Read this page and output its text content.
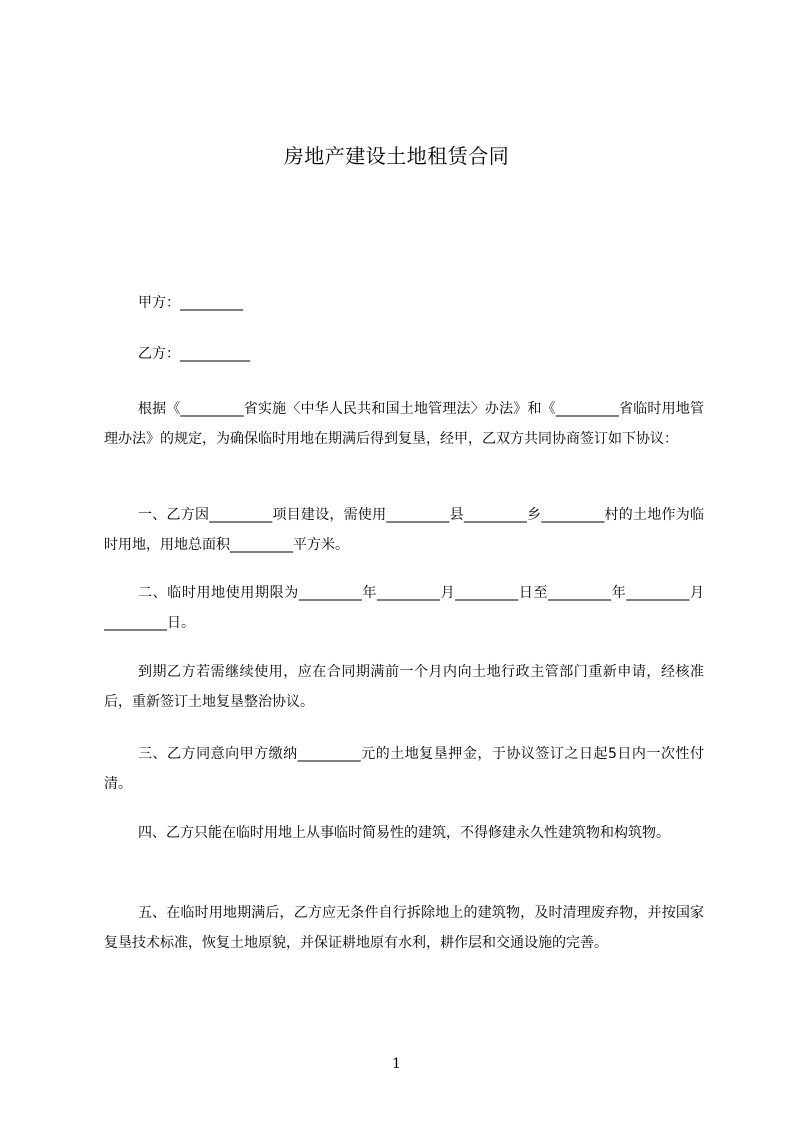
房地产建设土地租赁合同
甲方：_________
乙方：__________
根据《_________省实施〈中华人民共和国土地管理法〉办法》和《_________省临时用地管理办法》的规定，为确保临时用地在期满后得到复垦，经甲，乙双方共同协商签订如下协议：
一、乙方因_________项目建设，需使用_________县_________乡_________村的土地作为临时用地，用地总面积_________平方米。
二、临时用地使用期限为_________年_________月_________日至_________年_________月_________日。
到期乙方若需继续使用，应在合同期满前一个月内向土地行政主管部门重新申请，经核准后，重新签订土地复垦整治协议。
三、乙方同意向甲方缴纳_________元的土地复垦押金，于协议签订之日起5日内一次性付清。
四、乙方只能在临时用地上从事临时简易性的建筑，不得修建永久性建筑物和构筑物。
五、在临时用地期满后，乙方应无条件自行拆除地上的建筑物，及时清理废弃物，并按国家复垦技术标准，恢复土地原貌，并保证耕地原有水利，耕作层和交通设施的完善。
1
